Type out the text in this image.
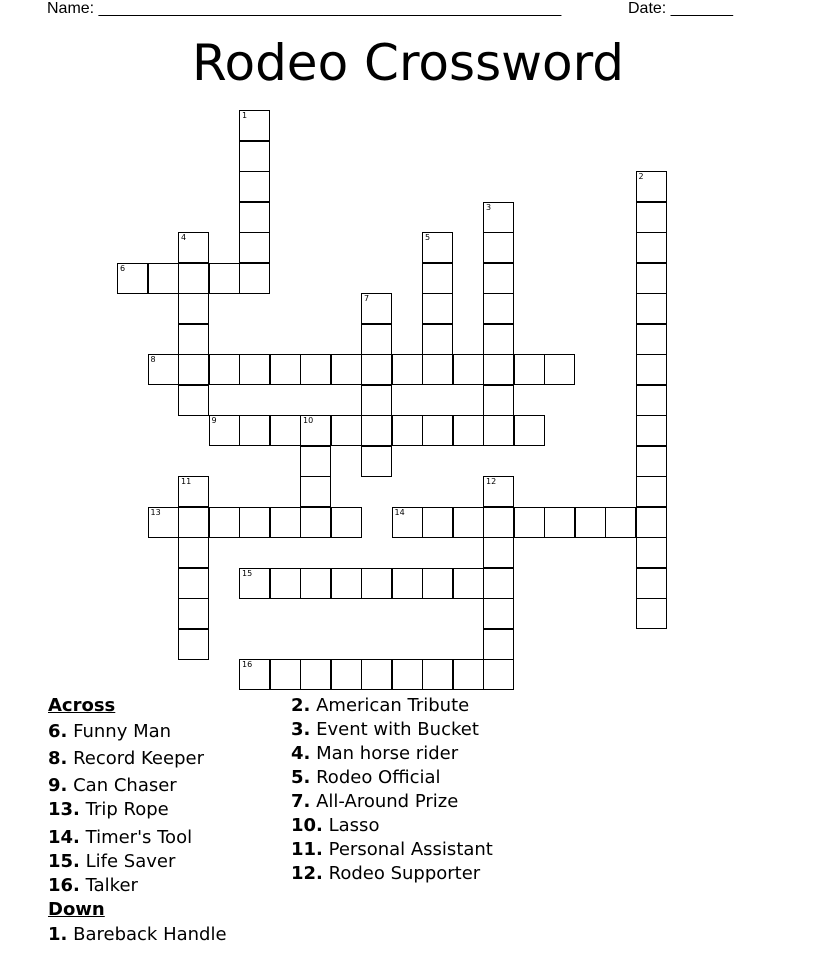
Name: ____________________________________________________	Date: _______
Rodeo Crossword
1
2
3
4	5
6
7
8
9	10
11	12
13	14
15
16
Across
6. Funny Man
8. Record Keeper
9. Can Chaser
13. Trip Rope
14. Timer's Tool
15. Life Saver
16. Talker
Down
1. Bareback Handle
2. American Tribute
3. Event with Bucket
4. Man horse rider
5. Rodeo Official
7. All-Around Prize
10. Lasso
11. Personal Assistant
12. Rodeo Supporter
